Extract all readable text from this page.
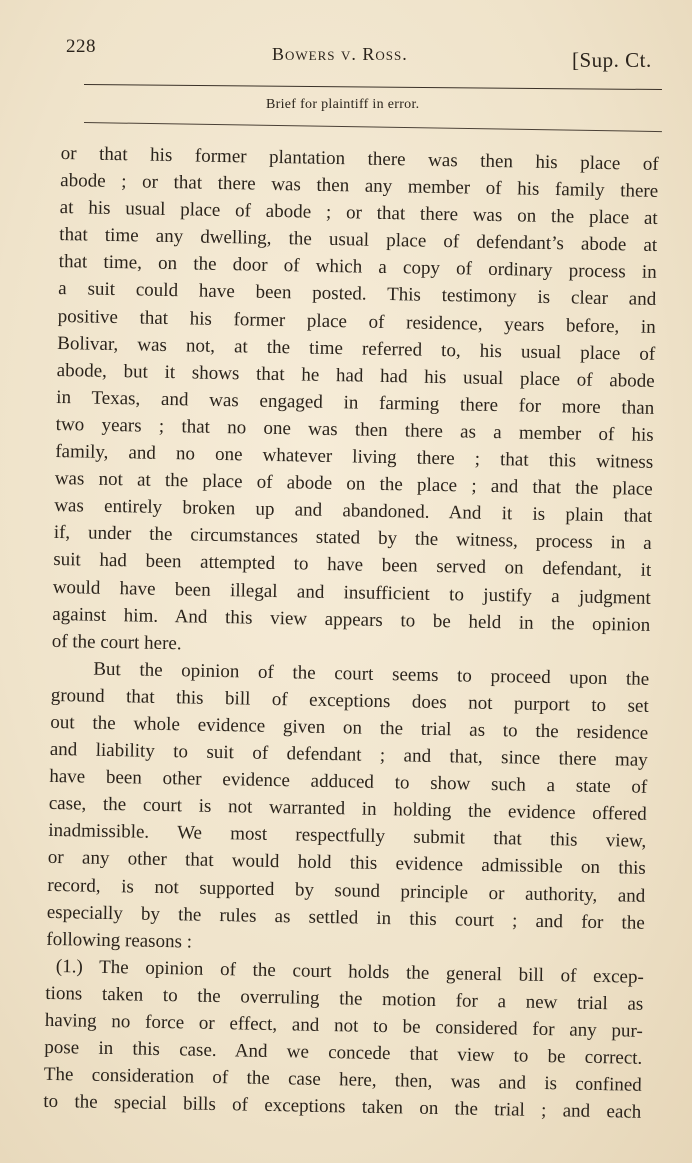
228	Bowers v. Ross.	[Sup. Ct.
Brief for plaintiff in error.
or that his former plantation there was then his place of
abode ; or that there was then any member of his family there
at his usual place of abode ; or that there was on the place at
that time any dwelling, the usual place of defendant’s abode at
that time, on the door of which a copy of ordinary process in
a suit could have been posted. This testimony is clear and
positive that his former place of residence, years before, in
Bolivar, was not, at the time referred to, his usual place of
abode, but it shows that he had had his usual place of abode
in Texas, and was engaged in farming there for more than
two years ; that no one was then there as a member of his
family, and no one whatever living there ; that this witness
was not at the place of abode on the place ; and that the place
was entirely broken up and abandoned. And it is plain that
if, under the circumstances stated by the witness, process in a
suit had been attempted to have been served on defendant, it
would have been illegal and insufficient to justify a judgment
against him. And this view appears to be held in the opinion
of the court here.
But the opinion of the court seems to proceed upon the
ground that this bill of exceptions does not purport to set
out the whole evidence given on the trial as to the residence
and liability to suit of defendant ; and that, since there may
have been other evidence adduced to show such a state of
case, the court is not warranted in holding the evidence offered
inadmissible. We most respectfully submit that this view,
or any other that would hold this evidence admissible on this
record, is not supported by sound principle or authority, and
especially by the rules as settled in this court ; and for the
following reasons :
(1.) The opinion of the court holds the general bill of excep-
tions taken to the overruling the motion for a new trial as
having no force or effect, and not to be considered for any pur-
pose in this case. And we concede that view to be correct.
The consideration of the case here, then, was and is confined
to the special bills of exceptions taken on the trial ; and each
